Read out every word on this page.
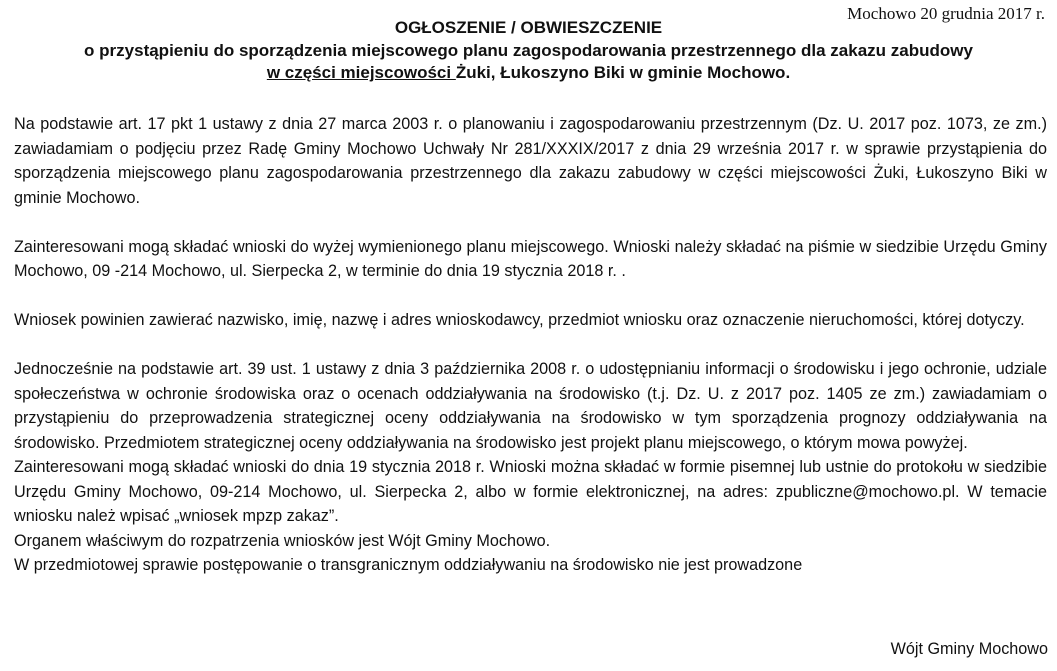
Mochowo 20 grudnia 2017 r.
OGŁOSZENIE / OBWIESZCZENIE
o przystąpieniu do sporządzenia miejscowego planu zagospodarowania przestrzennego dla zakazu zabudowy
w części miejscowości Żuki, Łukoszyno Biki w gminie Mochowo.

Na podstawie art. 17 pkt 1 ustawy z dnia 27 marca 2003 r. o planowaniu i zagospodarowaniu przestrzennym (Dz. U. 2017 poz. 1073, ze zm.) zawiadamiam o podjęciu przez Radę Gminy Mochowo Uchwały Nr 281/XXXIX/2017 z dnia 29 września 2017 r. w sprawie przystąpienia do sporządzenia miejscowego planu zagospodarowania przestrzennego dla zakazu zabudowy w części miejscowości Żuki, Łukoszyno Biki w gminie Mochowo.

Zainteresowani mogą składać wnioski do wyżej wymienionego planu miejscowego. Wnioski należy składać na piśmie w siedzibie Urzędu Gminy Mochowo, 09 -214 Mochowo, ul. Sierpecka 2, w terminie do dnia 19 stycznia 2018 r. .

Wniosek powinien zawierać nazwisko, imię, nazwę i adres wnioskodawcy, przedmiot wniosku oraz oznaczenie nieruchomości, której dotyczy.

Jednocześnie na podstawie art. 39 ust. 1 ustawy z dnia 3 października 2008 r. o udostępnianiu informacji o środowisku i jego ochronie, udziale społeczeństwa w ochronie środowiska oraz o ocenach oddziaływania na środowisko (t.j. Dz. U. z 2017 poz. 1405 ze zm.) zawiadamiam o przystąpieniu do przeprowadzenia strategicznej oceny oddziaływania na środowisko w tym sporządzenia prognozy oddziaływania na środowisko. Przedmiotem strategicznej oceny oddziaływania na środowisko jest projekt planu miejscowego, o którym mowa powyżej.

Zainteresowani mogą składać wnioski do dnia 19 stycznia 2018 r. Wnioski można składać w formie pisemnej lub ustnie do protokołu w siedzibie Urzędu Gminy Mochowo, 09-214 Mochowo, ul. Sierpecka 2, albo w formie elektronicznej, na adres: zpubliczne@mochowo.pl. W temacie wniosku należ wpisać „wniosek mpzp zakaz”.

Organem właściwym do rozpatrzenia wniosków jest Wójt Gminy Mochowo.

W przedmiotowej sprawie postępowanie o transgranicznym oddziaływaniu na środowisko nie jest prowadzone

Wójt Gminy Mochowo
